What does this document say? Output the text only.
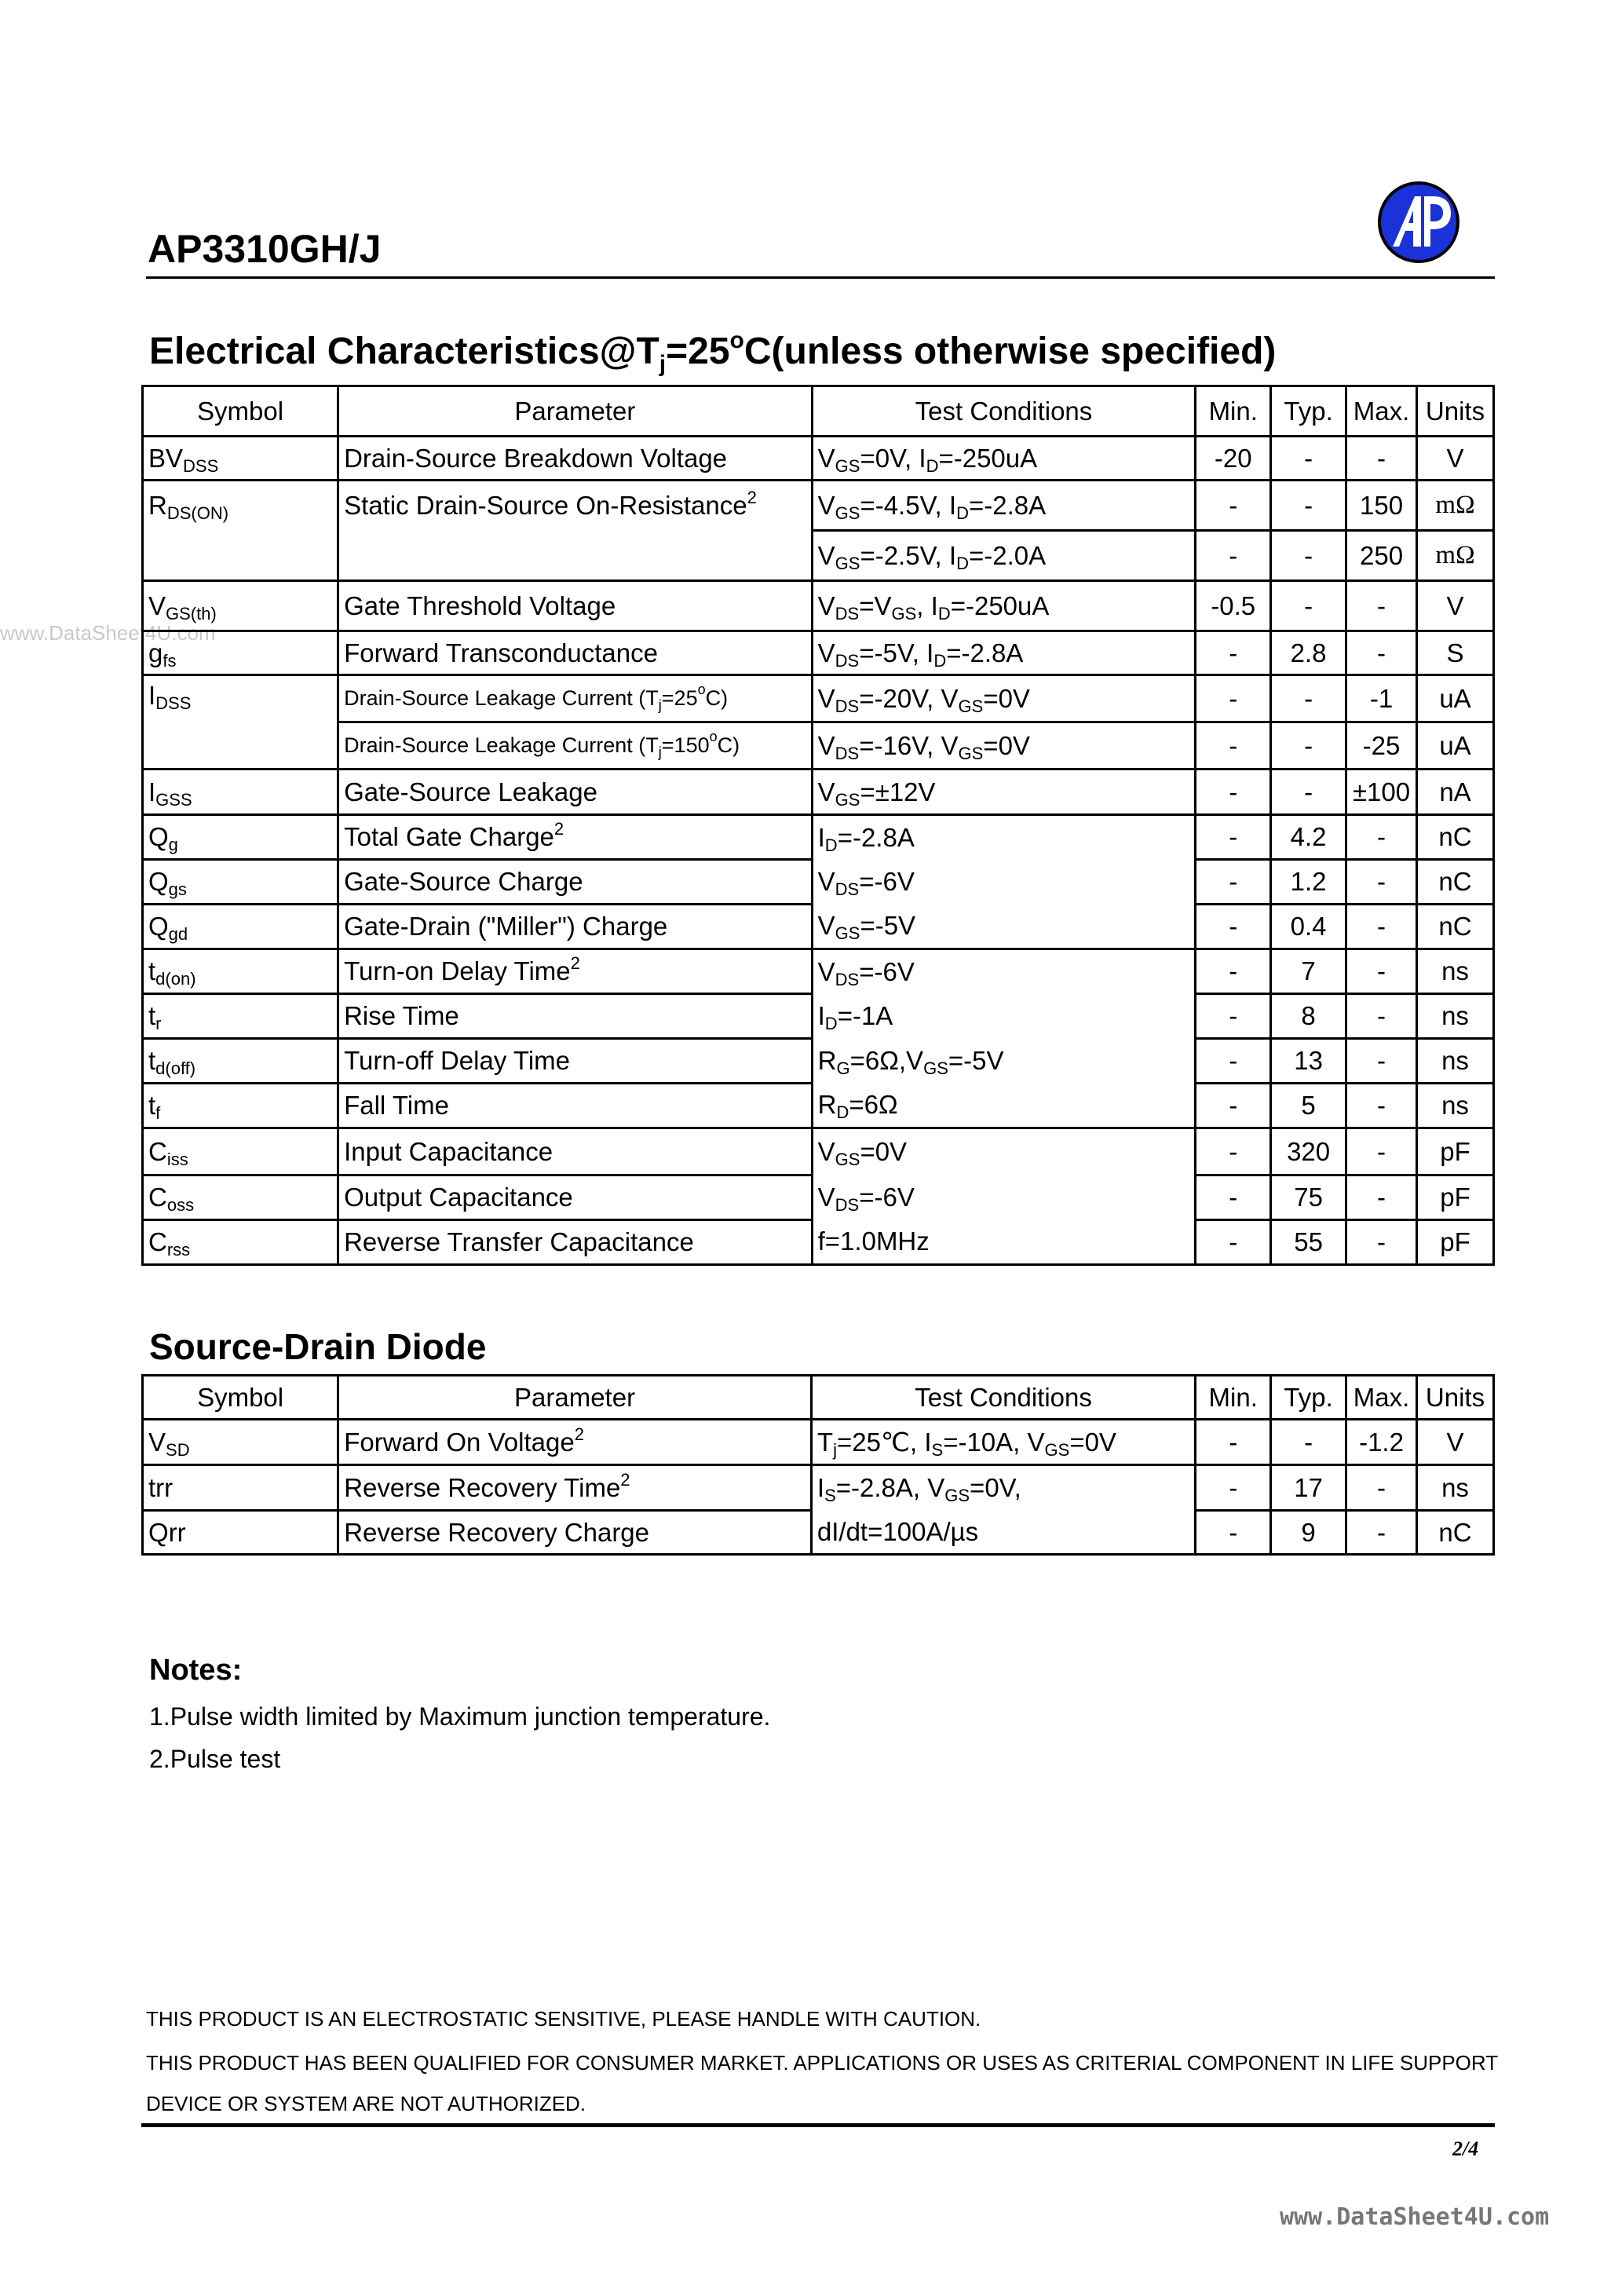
AP3310GH/J
www.DataSheet4U.com
Electrical $Characteristics@T_j=25^oC(unless$ otherwise specified)
Symbol	Parameter	Test Conditions	Min.	Typ.	Max.	Units
$BV_{DSS}$	Drain-Source Breakdown Voltage	$V_{GS}=0V$, $I_D=-250uA$	-20	-	-	V
$R_{DS(ON)}$	Static Drain-Source On-Resistance$^2$	$V_{GS}=-4.5V$, $I_D=-2.8A$	-	-	150	mΩ
		$V_{GS}=-2.5V$, $I_D=-2.0A$	-	-	250	mΩ
$V_{GS(th)}$	Gate Threshold Voltage	$V_{DS}=V_{GS}$, $I_D=-250uA$	-0.5	-	-	V
$g_{fs}$	Forward Transconductance	$V_{DS}=-5V$, $I_D=-2.8A$	-	2.8	-	S
$I_{DSS}$	Drain-Source Leakage Current $(T_j=25^oC)$	$V_{DS}=-20V$, $V_{GS}=0V$	-	-	-1	uA
	Drain-Source Leakage Current $(T_j=150^oC)$	$V_{DS}=-16V$, $V_{GS}=0V$	-	-	-25	uA
$I_{GSS}$	Gate-Source Leakage	$V_{GS}=\pm 12V$	-	-	±100	nA
$Q_g$	Total Gate Charge$^2$	$I_D=-2.8A$	-	4.2	-	nC
$Q_{gs}$	Gate-Source Charge	$V_{DS}=-6V$	-	1.2	-	nC
$Q_{gd}$	Gate-Drain ("Miller") Charge	$V_{GS}=-5V$	-	0.4	-	nC
$t_{d(on)}$	Turn-on Delay Time$^2$	$V_{DS}=-6V$	-	7	-	ns
$t_r$	Rise Time	$I_D=-1A$	-	8	-	ns
$t_{d(off)}$	Turn-off Delay Time	$R_G=6\Omega,V_{GS}=-5V$	-	13	-	ns
$t_f$	Fall Time	$R_D=6\Omega$	-	5	-	ns
$C_{iss}$	Input Capacitance	$V_{GS}=0V$	-	320	-	pF
$C_{oss}$	Output Capacitance	$V_{DS}=-6V$	-	75	-	pF
$C_{rss}$	Reverse Transfer Capacitance	f=1.0MHz	-	55	-	pF
Source-Drain Diode
Symbol	Parameter	Test Conditions	Min.	Typ.	Max.	Units
$V_{SD}$	Forward On Voltage$^2$	$T_j=25℃$, $I_S=-10A$, $V_{GS}=0V$	-	-	-1.2	V
trr	Reverse Recovery Time$^2$	$I_S=-2.8A$, $V_{GS}=0V$,	-	17	-	ns
Qrr	Reverse Recovery Charge	dI/dt=100A/µs	-	9	-	nC
Notes:
1.Pulse width limited by Maximum junction temperature.
2.Pulse test
THIS PRODUCT IS AN ELECTROSTATIC SENSITIVE, PLEASE HANDLE WITH CAUTION.
THIS PRODUCT HAS BEEN QUALIFIED FOR CONSUMER MARKET. APPLICATIONS OR USES AS CRITERIAL COMPONENT IN LIFE SUPPORT
DEVICE OR SYSTEM ARE NOT AUTHORIZED.
2/4
www.DataSheet4U.com
